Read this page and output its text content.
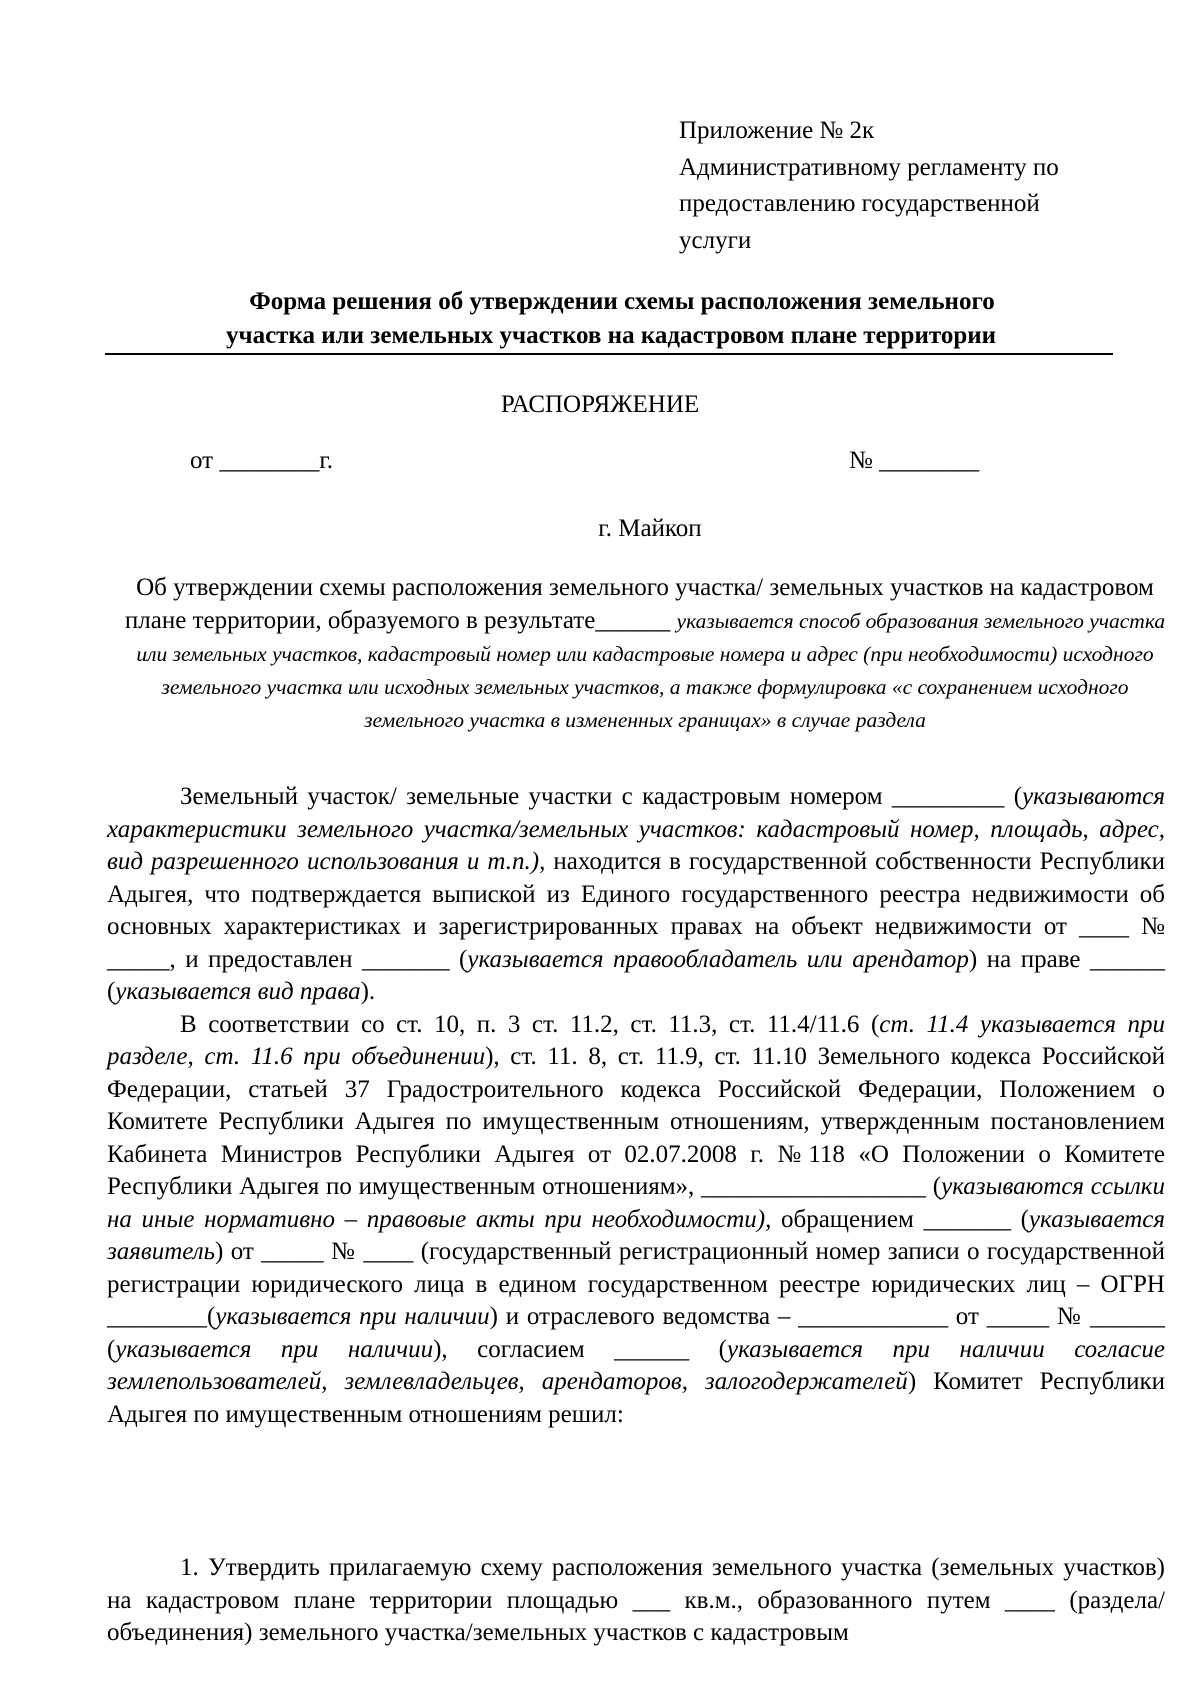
Приложение № 2к
Административному регламенту по
предоставлению государственной
услуги
Форма решения об утверждении схемы расположения земельного
участка или земельных участков на кадастровом плане территории
РАСПОРЯЖЕНИЕ
от ________г.	№ ________
г. Майкоп
Об утверждении схемы расположения земельного участка/ земельных участков на кадастровом плане территории, образуемого в результате______ указывается способ образования земельного участка или земельных участков, кадастровый номер или кадастровые номера и адрес (при необходимости) исходного земельного участка или исходных земельных участков, а также формулировка «с сохранением исходного земельного участка в измененных границах» в случае раздела

Земельный участок/ земельные участки с кадастровым номером _________ (указываются характеристики земельного участка/земельных участков: кадастровый номер, площадь, адрес, вид разрешенного использования и т.п.), находится в государственной собственности Республики Адыгея, что подтверждается выпиской из Единого государственного реестра недвижимости об основных характеристиках и зарегистрированных правах на объект недвижимости от ____ № _____, и предоставлен _______ (указывается правообладатель или арендатор) на праве ______ (указывается вид права).

В соответствии со ст. 10, п. 3 ст. 11.2, ст. 11.3, ст. 11.4/11.6 (ст. 11.4 указывается при разделе, ст. 11.6 при объединении), ст. 11. 8, ст. 11.9, ст. 11.10 Земельного кодекса Российской Федерации, статьей 37 Градостроительного кодекса Российской Федерации, Положением о Комитете Республики Адыгея по имущественным отношениям, утвержденным постановлением Кабинета Министров Республики Адыгея от 02.07.2008 г. №118 «О Положении о Комитете Республики Адыгея по имущественным отношениям», __________________ (указываются ссылки на иные нормативно – правовые акты при необходимости), обращением _______ (указывается заявитель) от _____ № ____ (государственный регистрационный номер записи о государственной регистрации юридического лица в едином государственном реестре юридических лиц – ОГРН ________(указывается при наличии) и отраслевого ведомства – ____________ от _____ № ______ (указывается при наличии), согласием ______ (указывается при наличии согласие землепользователей, землевладельцев, арендаторов, залогодержателей) Комитет Республики Адыгея по имущественным отношениям решил:

1. Утвердить прилагаемую схему расположения земельного участка (земельных участков) на кадастровом плане территории площадью ___ кв.м., образованного путем ____ (раздела/объединения) земельного участка/земельных участков с кадастровым
